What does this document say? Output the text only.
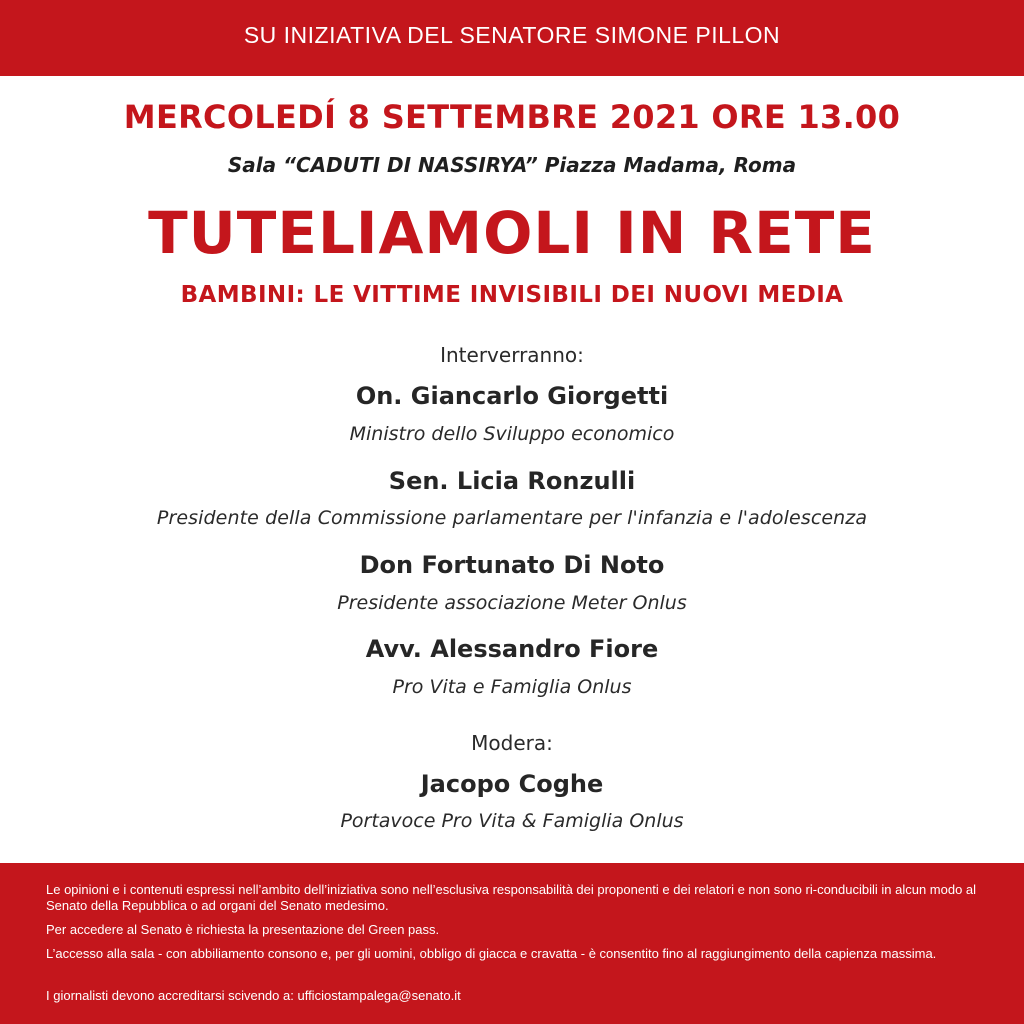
SU INIZIATIVA DEL SENATORE SIMONE PILLON
MERCOLEDÍ 8 SETTEMBRE 2021 ORE 13.00
Sala “CADUTI DI NASSIRYA” Piazza Madama, Roma
TUTELIAMOLI IN RETE
BAMBINI: LE VITTIME INVISIBILI DEI NUOVI MEDIA
Interverranno:
On. Giancarlo Giorgetti
Ministro dello Sviluppo economico
Sen. Licia Ronzulli
Presidente della Commissione parlamentare per l'infanzia e l'adolescenza
Don Fortunato Di Noto
Presidente associazione Meter Onlus
Avv. Alessandro Fiore
Pro Vita e Famiglia Onlus
Modera:
Jacopo Coghe
Portavoce Pro Vita & Famiglia Onlus
Le opinioni e i contenuti espressi nell’ambito dell’iniziativa sono nell’esclusiva responsabilità dei proponenti e dei relatori e non sono ri-conducibili in alcun modo al Senato della Repubblica o ad organi del Senato medesimo.
Per accedere al Senato è richiesta la presentazione del Green pass.
L’accesso alla sala - con abbiliamento consono e, per gli uomini, obbligo di giacca e cravatta - è consentito fino al raggiungimento della capienza massima.
I giornalisti devono accreditarsi scivendo a: ufficiostampalega@senato.it
